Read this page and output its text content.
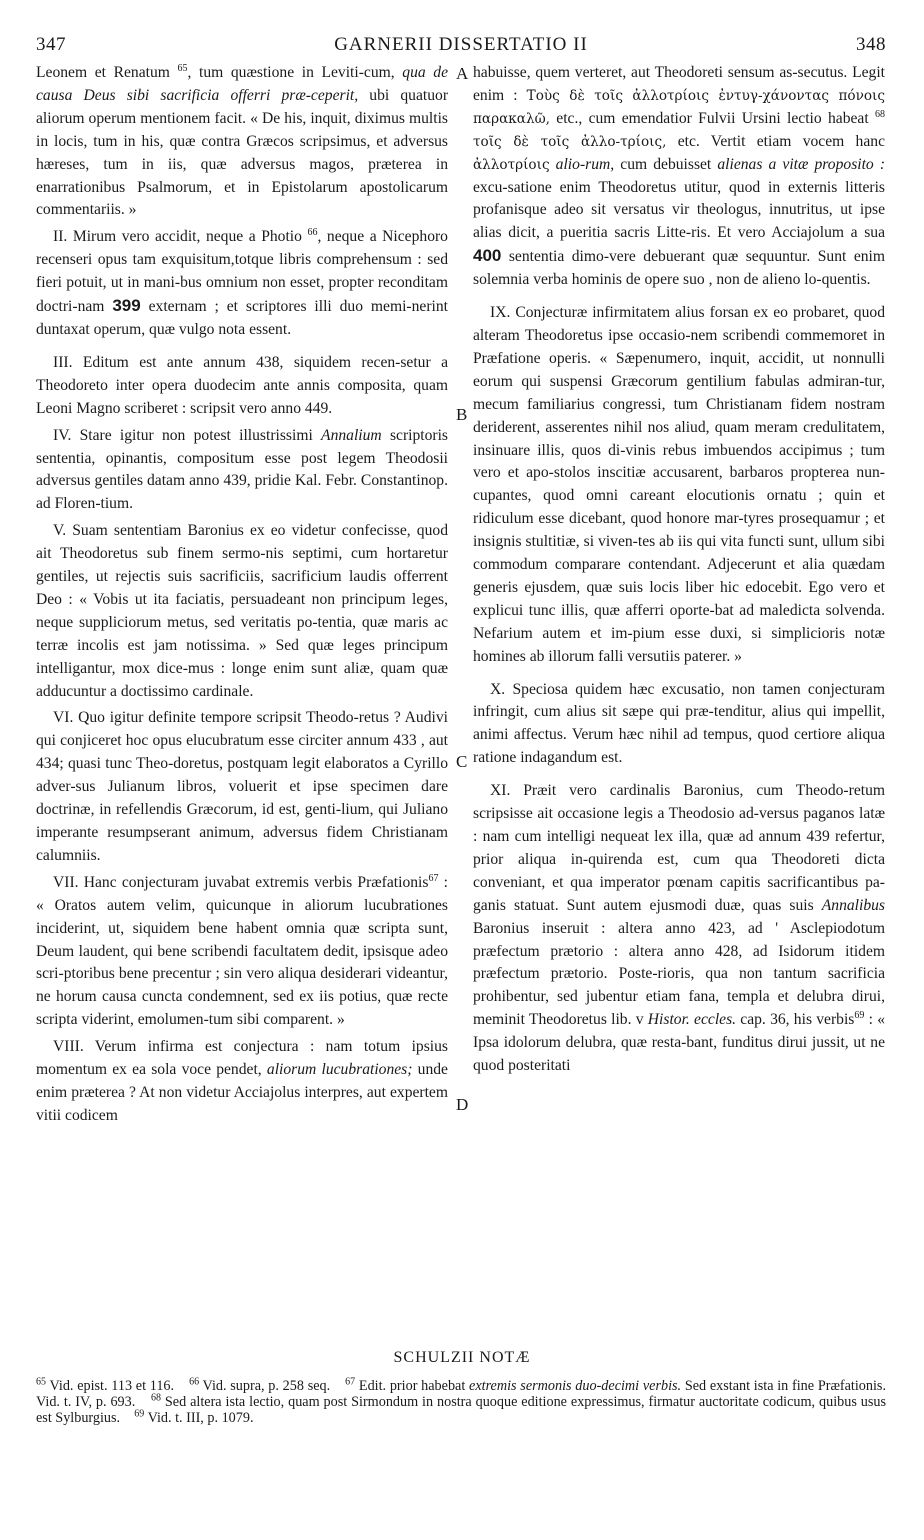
347	GARNERII DISSERTATIO II	348
A
B
C
D

Leonem et Renatum $^{65}$, tum quæstione in Leviti-cum, qua de causa Deus sibi sacrificia offerri præ-ceperit, ubi quatuor aliorum operum mentionem facit. « De his, inquit, diximus multis in locis, tum in his, quæ contra Græcos scripsimus, et adversus hæreses, tum in iis, quæ adversus magos, præterea in enarrationibus Psalmorum, et in Epistolarum apostolicarum commentariis. »

II. Mirum vero accidit, neque a Photio $^{66}$, neque a Nicephoro recenseri opus tam exquisitum,totque libris comprehensum : sed fieri potuit, ut in mani-bus omnium non esset, propter reconditam doctri-nam 399 externam ; et scriptores illi duo memi-nerint duntaxat operum, quæ vulgo nota essent.

III. Editum est ante annum 438, siquidem recen-setur a Theodoreto inter opera duodecim ante annis composita, quam Leoni Magno scriberet : scripsit vero anno 449.

IV. Stare igitur non potest illustrissimi Annalium scriptoris sententia, opinantis, compositum esse post legem Theodosii adversus gentiles datam anno 439, pridie Kal. Febr. Constantinop. ad Floren-tium.

V. Suam sententiam Baronius ex eo videtur confecisse, quod ait Theodoretus sub finem sermo-nis septimi, cum hortaretur gentiles, ut rejectis suis sacrificiis, sacrificium laudis offerrent Deo : « Vobis ut ita faciatis, persuadeant non principum leges, neque suppliciorum metus, sed veritatis po-tentia, quæ maris ac terræ incolis est jam notissima. » Sed quæ leges principum intelligantur, mox dice-mus : longe enim sunt aliæ, quam quæ adducuntur a doctissimo cardinale.

VI. Quo igitur definite tempore scripsit Theodo-retus ? Audivi qui conjiceret hoc opus elucubratum esse circiter annum 433 , aut 434; quasi tunc Theo-doretus, postquam legit elaboratos a Cyrillo adver-sus Julianum libros, voluerit et ipse specimen dare doctrinæ, in refellendis Græcorum, id est, genti-lium, qui Juliano imperante resumpserant animum, adversus fidem Christianam calumniis.

VII. Hanc conjecturam juvabat extremis verbis Præfationis$^{67}$ : « Oratos autem velim, quicunque in aliorum lucubrationes inciderint, ut, siquidem bene habent omnia quæ scripta sunt, Deum laudent, qui bene scribendi facultatem dedit, ipsisque adeo scri-ptoribus bene precentur ; sin vero aliqua desiderari videantur, ne horum causa cuncta condemnent, sed ex iis potius, quæ recte scripta viderint, emolumen-tum sibi comparent. »

VIII. Verum infirma est conjectura : nam totum ipsius momentum ex ea sola voce pendet, aliorum lucubrationes; unde enim præterea ? At non videtur Acciajolus interpres, aut expertem vitii codicem

habuisse, quem verteret, aut Theodoreti sensum as-secutus. Legit enim : Τοὺς δὲ τοῖς ἀλλοτρίοις ἐντυγ-χάνοντας πόνοις παρακαλῶ, etc., cum emendatior Fulvii Ursini lectio habeat $^{68}$ τοῖς δὲ τοῖς ἀλλο-τρίοις, etc. Vertit etiam vocem hanc ἀλλοτρίοις alio-rum, cum debuisset alienas a vitæ proposito : excu-satione enim Theodoretus utitur, quod in externis litteris profanisque adeo sit versatus vir theologus, innutritus, ut ipse alias dicit, a pueritia sacris Litte-ris. Et vero Acciajolum a sua 400 sententia dimo-vere debuerant quæ sequuntur. Sunt enim solemnia verba hominis de opere suo , non de alieno lo-quentis.

IX. Conjecturæ infirmitatem alius forsan ex eo probaret, quod alteram Theodoretus ipse occasio-nem scribendi commemoret in Præfatione operis. « Sæpenumero, inquit, accidit, ut nonnulli eorum qui suspensi Græcorum gentilium fabulas admiran-tur, mecum familiarius congressi, tum Christianam fidem nostram deriderent, asserentes nihil nos aliud, quam meram credulitatem, insinuare illis, quos di-vinis rebus imbuendos accipimus ; tum vero et apo-stolos inscitiæ accusarent, barbaros propterea nun-cupantes, quod omni careant elocutionis ornatu ; quin et ridiculum esse dicebant, quod honore mar-tyres prosequamur ; et insignis stultitiæ, si viven-tes ab iis qui vita functi sunt, ullum sibi commodum comparare contendant. Adjecerunt et alia quædam generis ejusdem, quæ suis locis liber hic edocebit. Ego vero et explicui tunc illis, quæ afferri oporte-bat ad maledicta solvenda. Nefarium autem et im-pium esse duxi, si simplicioris notæ homines ab illorum falli versutiis paterer. »

X. Speciosa quidem hæc excusatio, non tamen conjecturam infringit, cum alius sit sæpe qui præ-tenditur, alius qui impellit, animi affectus. Verum hæc nihil ad tempus, quod certiore aliqua ratione indagandum est.

XI. Præit vero cardinalis Baronius, cum Theodo-retum scripsisse ait occasione legis a Theodosio ad-versus paganos latæ : nam cum intelligi nequeat lex illa, quæ ad annum 439 refertur, prior aliqua in-quirenda est, cum qua Theodoreti dicta conveniant, et qua imperator pœnam capitis sacrificantibus pa-ganis statuat. Sunt autem ejusmodi duæ, quas suis Annalibus Baronius inseruit : altera anno 423, ad ' Asclepiodotum præfectum prætorio : altera anno 428, ad Isidorum itidem præfectum prætorio. Poste-rioris, qua non tantum sacrificia prohibentur, sed jubentur etiam fana, templa et delubra dirui, meminit Theodoretus lib. v Histor. eccles. cap. 36, his verbis$^{69}$ : « Ipsa idolorum delubra, quæ resta-bant, funditus dirui jussit, ut ne quod posteritati

SCHULZII NOTÆ

$^{65}$ Vid. epist. 113 et 116. $^{66}$ Vid. supra, p. 258 seq. $^{67}$ Edit. prior habebat extremis sermonis duo-decimi verbis. Sed exstant ista in fine Præfationis. Vid. t. IV, p. 693. $^{68}$ Sed altera ista lectio, quam post Sirmondum in nostra quoque editione expressimus, firmatur auctoritate codicum, quibus usus est Sylburgius. $^{69}$ Vid. t. III, p. 1079.
